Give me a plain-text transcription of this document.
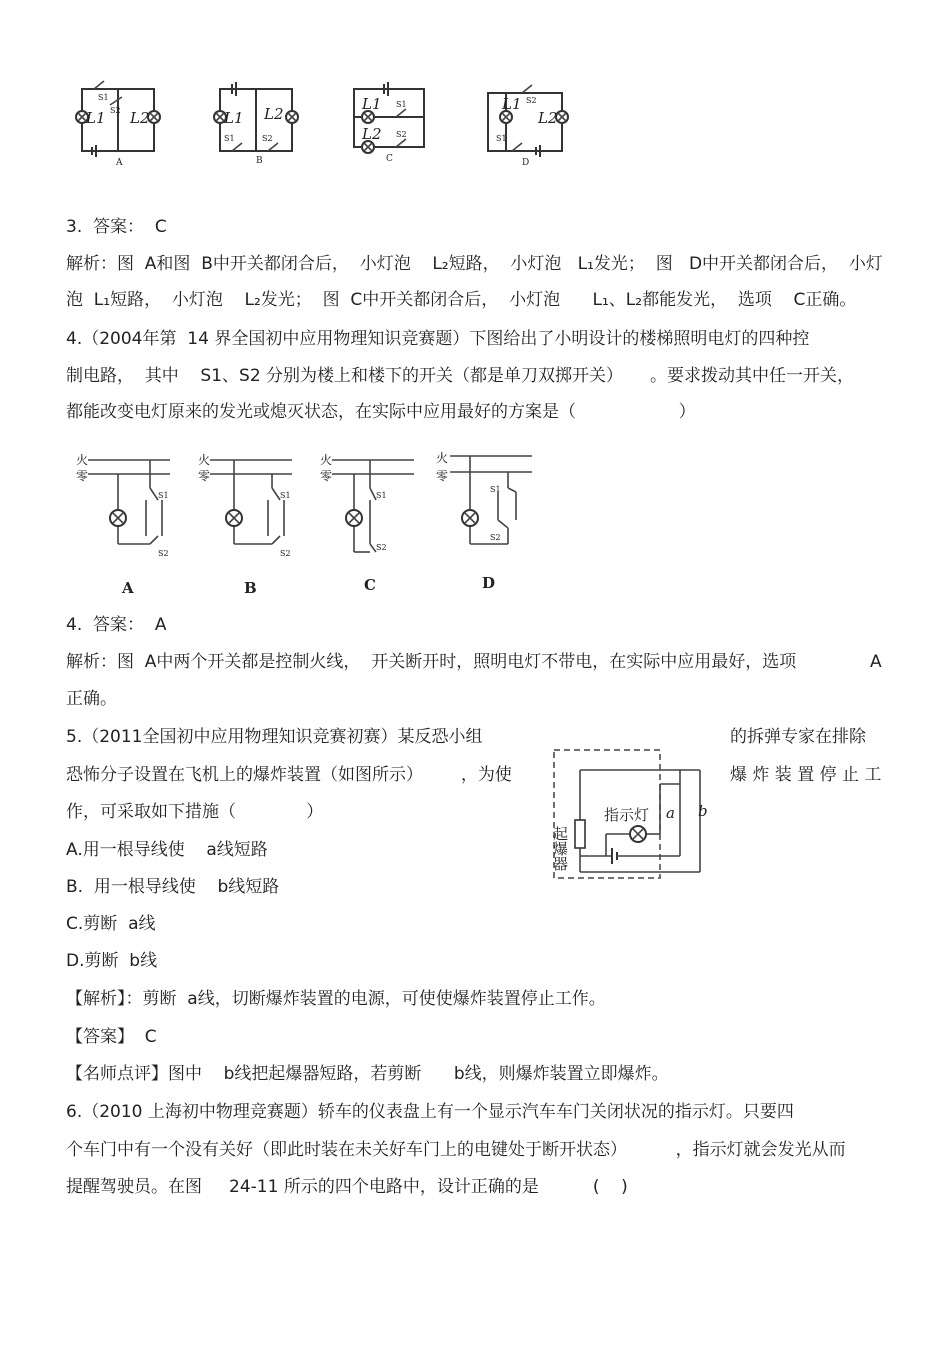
L1 L2
S1
S2
A
L1 L2
S1	S2
B
L1
L2
S1
S2
C
L1
L2
S2
S1
D
3.  答案：  C
解析：图  A和图  B中开关都闭合后，  小灯泡    L₂短路，  小灯泡   L₁发光；  图   D中开关都闭合后，  小灯
泡  L₁短路，  小灯泡    L₂发光；  图  C中开关都闭合后，  小灯泡      L₁、L₂都能发光，  选项    C正确。
4.（2004年第  14 界全国初中应用物理知识竞赛题）下图给出了小明设计的楼梯照明电灯的四种控
制电路，  其中    S1、S2 分别为楼上和楼下的开关（都是单刀双掷开关）     。要求拨动其中任一开关，
都能改变电灯原来的发光或熄灭状态，在实际中应用最好的方案是（                   ）
火
零
S1
S2
A
火
零
S1
S2
B
火
零
S1
S2
C
火
零
S1
S2
D
4.  答案：  A
解析：图  A中两个开关都是控制火线，  开关断开时，照明电灯不带电，在实际中应用最好，选项	A
正确。
5.（2011全国初中应用物理知识竞赛初赛）某反恐小组	的拆弹专家在排除
恐怖分子设置在飞机上的爆炸装置（如图所示）       ，为使	爆 炸 装 置 停 止 工
作，可采取如下措施（             ）	指示灯 a b
起爆器
A.用一根导线使    a线短路
B.  用一根导线使    b线短路
C.剪断  a线
D.剪断  b线
【解析】：剪断  a线，切断爆炸装置的电源，可使使爆炸装置停止工作。
【答案】  C
【名师点评】图中    b线把起爆器短路，若剪断      b线，则爆炸装置立即爆炸。
6.（2010 上海初中物理竞赛题）轿车的仪表盘上有一个显示汽车车门关闭状况的指示灯。只要四
个车门中有一个没有关好（即此时装在未关好车门上的电键处于断开状态）         ，指示灯就会发光从而
提醒驾驶员。在图     24-11 所示的四个电路中，设计正确的是          (    )
